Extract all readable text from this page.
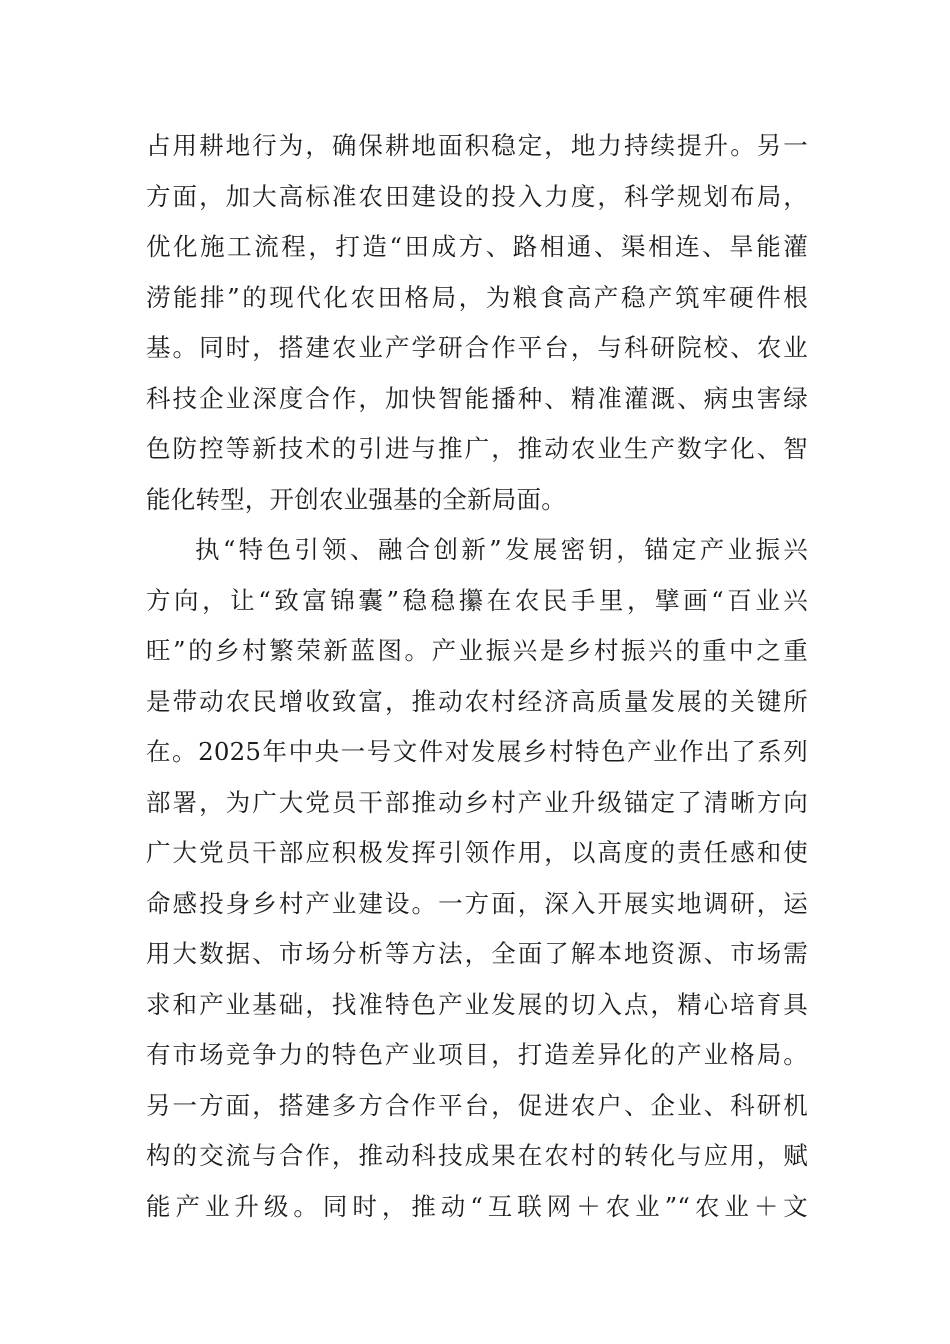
占用耕地行为，确保耕地面积稳定，地力持续提升。另一
方面，加大高标准农田建设的投入力度，科学规划布局，
优化施工流程，打造“田成方、路相通、渠相连、旱能灌
涝能排”的现代化农田格局，为粮食高产稳产筑牢硬件根
基。同时，搭建农业产学研合作平台，与科研院校、农业
科技企业深度合作，加快智能播种、精准灌溉、病虫害绿
色防控等新技术的引进与推广，推动农业生产数字化、智
能化转型，开创农业强基的全新局面。
执“特色引领、融合创新”发展密钥，锚定产业振兴
方向，让“致富锦囊”稳稳攥在农民手里，擘画“百业兴
旺”的乡村繁荣新蓝图。产业振兴是乡村振兴的重中之重
是带动农民增收致富，推动农村经济高质量发展的关键所
在。2025年中央一号文件对发展乡村特色产业作出了系列
部署，为广大党员干部推动乡村产业升级锚定了清晰方向
广大党员干部应积极发挥引领作用，以高度的责任感和使
命感投身乡村产业建设。一方面，深入开展实地调研，运
用大数据、市场分析等方法，全面了解本地资源、市场需
求和产业基础，找准特色产业发展的切入点，精心培育具
有市场竞争力的特色产业项目，打造差异化的产业格局。
另一方面，搭建多方合作平台，促进农户、企业、科研机
构的交流与合作，推动科技成果在农村的转化与应用，赋
能产业升级。同时，推动“互联网＋农业”“农业＋文
